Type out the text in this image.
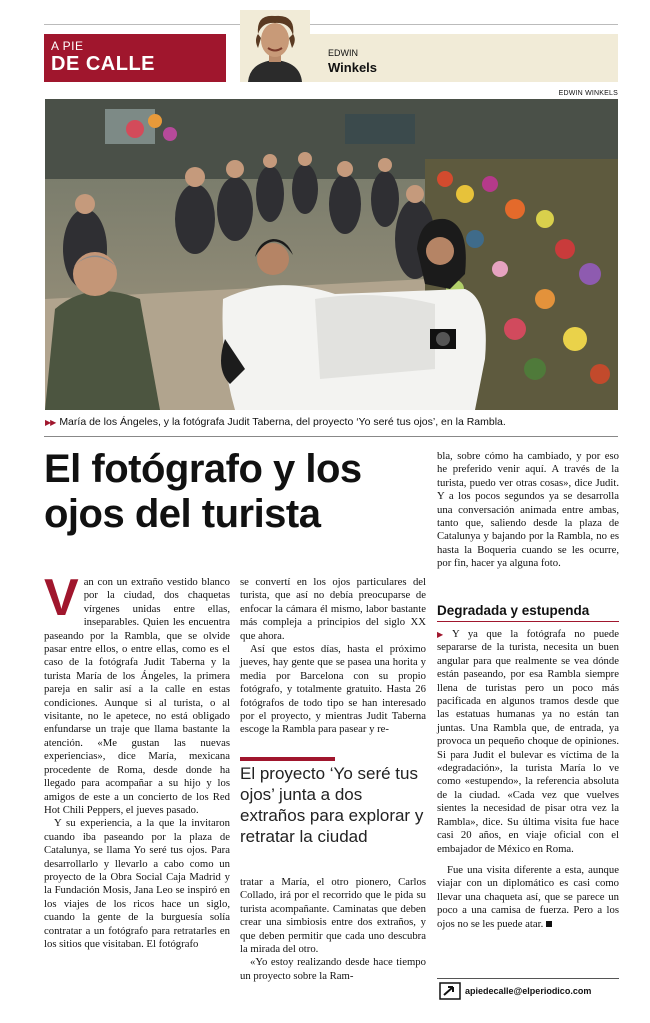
A PIE
DE CALLE	EDWIN
Winkels
EDWIN WINKELS
▶▶ María de los Ángeles, y la fotógrafa Judit Taberna, del proyecto ‘Yo seré tus ojos’, en la Rambla.
El fotógrafo y los ojos del turista
V an con un extraño vestido blanco por la ciudad, dos chaquetas vírgenes unidas entre ellas, inseparables. Quien les encuentra paseando por la Rambla, que se olvide pasar entre ellos, o entre ellas, como es el caso de la fotógrafa Judit Taberna y la turista María de los Ángeles, la primera pareja en salir así a la calle en estas condiciones. Aunque si al turista, o al visitante, no le apetece, no está obligado enfundarse un traje que llama bastante la atención. «Me gustan las nuevas experiencias», dice María, mexicana procedente de Roma, desde donde ha llegado para acompañar a su hijo y los amigos de este a un concierto de los Red Hot Chili Peppers, el jueves pasado.

Y su experiencia, a la que la invitaron cuando iba paseando por la plaza de Catalunya, se llama Yo seré tus ojos. Para desarrollarlo y llevarlo a cabo como un proyecto de la Obra Social Caja Madrid y la Fundación Mosis, Jana Leo se inspiró en los viajes de los ricos hace un siglo, cuando la gente de la burguesía solía contratar a un fotógrafo para retratarles en los sitios que visitaban. El fotógrafo

se convertí en los ojos particulares del turista, que así no debía preocuparse de enfocar la cámara él mismo, labor bastante más compleja a principios del siglo XX que ahora.

Así que estos días, hasta el próximo jueves, hay gente que se pasea una horita y media por Barcelona con su propio fotógrafo, y totalmente gratuito. Hasta 26 fotógrafos de todo tipo se han interesado por el proyecto, y mientras Judit Taberna escoge la Rambla para pasear y re-

El proyecto ‘Yo seré tus ojos’ junta a dos extraños para explorar y retratar la ciudad

tratar a María, el otro pionero, Carlos Collado, irá por el recorrido que le pida su turista acompañante. Caminatas que deben crear una simbiosis entre dos extraños, y que deben permitir que cada uno descubra la mirada del otro.

«Yo estoy realizando desde hace tiempo un proyecto sobre la Ram-

bla, sobre cómo ha cambiado, y por eso he preferido venir aquí. A través de la turista, puedo ver otras cosas», dice Judit. Y a los pocos segundos ya se desarrolla una conversación animada entre ambas, tanto que, saliendo desde la plaza de Catalunya y bajando por la Rambla, no es hasta la Boqueria cuando se les ocurre, por fin, hacer ya alguna foto.

Degradada y estupenda

▶ Y ya que la fotógrafa no puede separarse de la turista, necesita un buen angular para que realmente se vea dónde están paseando, por esa Rambla siempre llena de turistas pero un poco más pacificada en algunos tramos desde que las estatuas humanas ya no están tan juntas. Una Rambla que, de entrada, ya provoca un pequeño choque de opiniones. Si para Judit el bulevar es víctima de la «degradación», la turista María lo ve como «estupendo», la referencia absoluta de la ciudad. «Cada vez que vuelves sientes la necesidad de pisar otra vez la Rambla», dice. Su última visita fue hace casi 20 años, en viaje oficial con el embajador de México en Roma.

Fue una visita diferente a esta, aunque viajar con un diplomático es casi como llevar una chaqueta así, que se parece un poco a una camisa de fuerza. Pero a los ojos no se les puede atar.

apiedecalle@elperiodico.com
